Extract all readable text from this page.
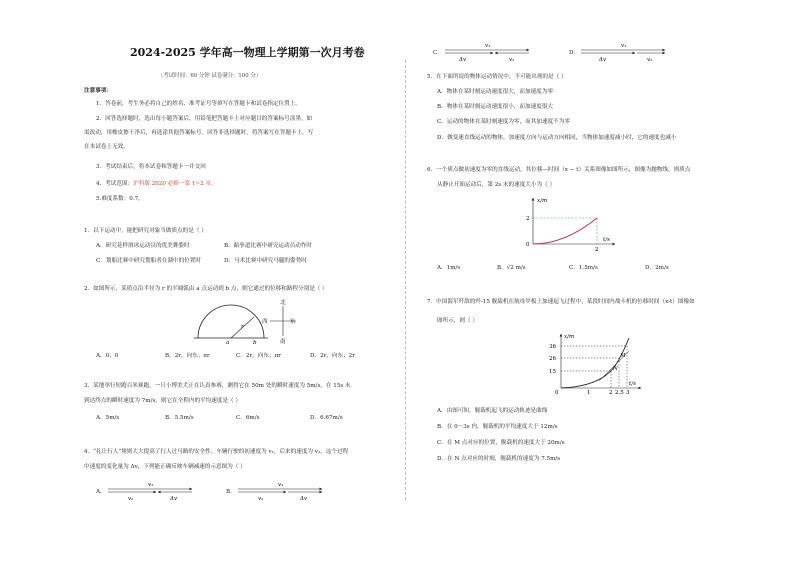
2024-2025 学年高一物理上学期第一次月考卷
（考试时间：60 分钟 试卷满分：100 分）
注意事项：
1．答卷前，考生务必将自己的姓名、准考证号等填写在答题卡和试卷指定位置上。
2．回答选择题时，选出每小题答案后，用铅笔把答题卡上对应题目的答案标号涂黑。如
需改动，用橡皮擦干净后，再选涂其他答案标号。回答非选择题时，将答案写在答题卡上。写
在本试卷上无效。
3．考试结束后，将本试卷和答题卡一并交回
4．考试范围：沪科版 2020 必修一第 1~2 章。
5.难度系数：0.7。
1．以下运动中，能把研究对象当做质点的是（ ）
A．研究花样滑冰运动员的优美舞姿时	B．跆拳道比赛中研究运动员动作时
C．划船比赛中研究划船者在湖中的位置时	D．马术比赛中研究马腿的姿势时
2．如图所示，某质点沿半径为 r 的半圆弧由 a 点运动到 b 点，则它通过的位移和路程分别是（ ）
a	b
r
北
南
西	东
A．0；0	B．2r，向东；πr	C．2r，向东；πr	D．2r，向东；2r
3．某地举行短跑百米赛跑，一只小博美犬正在认真参赛，测得它在 50m 处的瞬时速度为 5m/s，在 15s 末
到达终点的瞬时速度为 7m/s，则它在全程内的平均速度是（ ）
A．5m/s	B．5.5m/s	C．6m/s	D．6.67m/s
4．“礼让行人”规则大大提高了行人过马路的安全性。车辆行驶的初速度为 v₁，后来的速度为 v₂，这个过程
中速度的变化量为 Δv，下列能正确反映车辆减速的示意图为（ ）
A．
v₁
v₂	Δv
B．
v₁
v₂	Δv
C．
v₁
Δv	v₂
D．
v₁
Δv	v₂
5．在下面所说的物体运动情况中，不可能出现的是（ ）
A．物体在某时刻运动速度很大，而加速度为零
B．物体在某时刻运动速度很小，而加速度很大
C．运动的物体在某时刻速度为零，而其加速度不为零
D．做变速直线运动的物体，加速度方向与运动方向相同，当物体加速度减小时，它的速度也减小
6．一个质点做初速度为零的直线运动，其位移—时间（x − t）关系图像如图所示，图像为抛物线，则质点
从静止开始运动后，第 2s 末的速度大小为（ ）
x/m
t/s
2
2
0
A．1m/s	B．√2 m/s	C．1.5m/s	D．2m/s
7．中国海军歼敌的歼-15 舰载机在航母甲板上加速起飞过程中，某段时间内战斗机的位移时间（x-t）图像如
图所示，则（ ）
x/m
t/s
36
26
15
0	1	2 2.5 3
M
N
A．由图可知，舰载机起飞的运动轨迹是曲线
B．在 0～3s 内，舰载机的平均速度大于 12m/s
C．在 M 点对应的位置，舰载机的速度大于 20m/s
D．在 N 点对应的时刻，舰载机的速度为 7.5m/s
